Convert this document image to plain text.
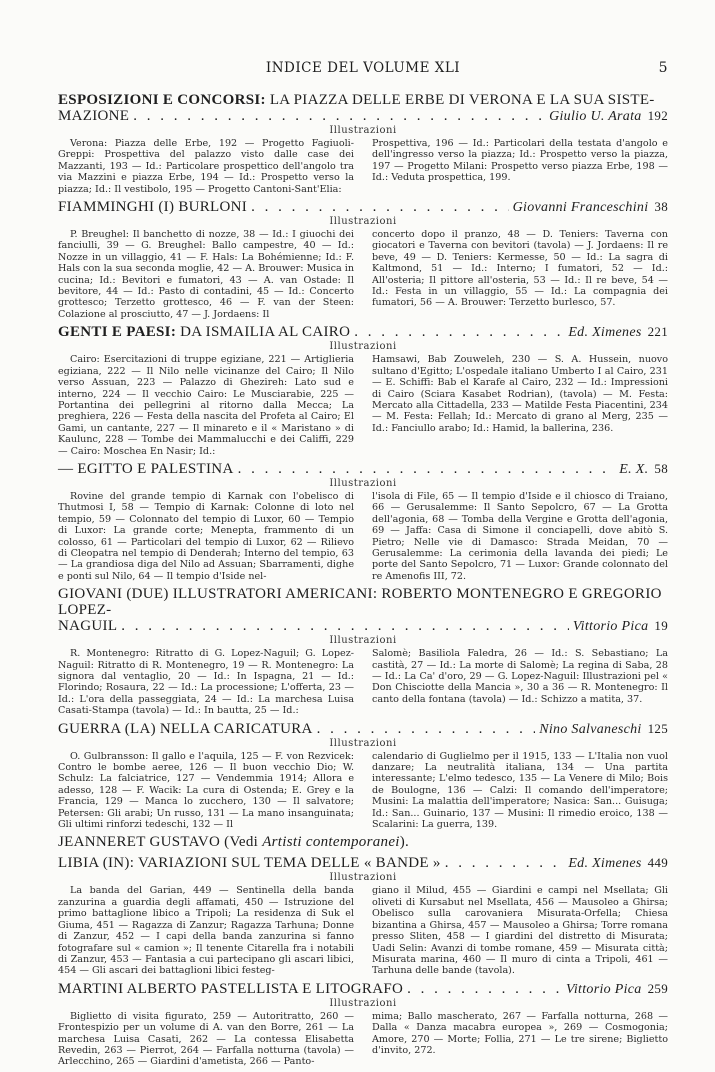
INDICE DEL VOLUME XLI	5
ESPOSIZIONI E CONCORSI: LA PIAZZA DELLE ERBE DI VERONA E LA SUA SISTE-
MAZIONE . . .	Giulio U. Arata 192
Illustrazioni
Verona: Piazza delle Erbe, 192 — Progetto Fagiuoli-Greppi: Prospettiva del palazzo visto dalle case dei Mazzanti, 193 — Id.: Particolare prospettico dell'angolo tra via Mazzini e piazza Erbe, 194 — Id.: Prospetto verso la piazza; Id.: Il vestibolo, 195 — Progetto Cantoni-Sant'Elia:
Prospettiva, 196 — Id.: Particolari della testata d'angolo e dell'ingresso verso la piazza; Id.: Prospetto verso la piazza, 197 — Progetto Milani: Prospetto verso piazza Erbe, 198 — Id.: Veduta prospettica, 199.
FIAMMINGHI (I) BURLONI . . .	Giovanni Franceschini 38
Illustrazioni
P. Breughel: Il banchetto di nozze, 38 — Id.: I giuochi dei fanciulli, 39 — G. Breughel: Ballo campestre, 40 — Id.: Nozze in un villaggio, 41 — F. Hals: La Bohémienne; Id.: F. Hals con la sua seconda moglie, 42 — A. Brouwer: Musica in cucina; Id.: Bevitori e fumatori, 43 — A. van Ostade: Il bevitore, 44 — Id.: Pasto di contadini, 45 — Id.: Concerto grottesco; Terzetto grottesco, 46 — F. van der Steen: Colazione al prosciutto, 47 — J. Jordaens: Il
concerto dopo il pranzo, 48 — D. Teniers: Taverna con giocatori e Taverna con bevitori (tavola) — J. Jordaens: Il re beve, 49 — D. Teniers: Kermesse, 50 — Id.: La sagra di Kaltmond, 51 — Id.: Interno; I fumatori, 52 — Id.: All'osteria; Il pittore all'osteria, 53 — Id.: Il re beve, 54 — Id.: Festa in un villaggio, 55 — Id.: La compagnia dei fumatori, 56 — A. Brouwer: Terzetto burlesco, 57.
GENTI E PAESI: DA ISMAILIA AL CAIRO . . .	Ed. Ximenes 221
Illustrazioni
Cairo: Esercitazioni di truppe egiziane, 221 — Artiglieria egiziana, 222 — Il Nilo nelle vicinanze del Cairo; Il Nilo verso Assuan, 223 — Palazzo di Ghezireh: Lato sud e interno, 224 — Il vecchio Cairo: Le Musciarabie, 225 — Portantina dei pellegrini al ritorno dalla Mecca; La preghiera, 226 — Festa della nascita del Profeta al Cairo; El Gami, un cantante, 227 — Il minareto e il « Maristano » di Kaulunc, 228 — Tombe dei Mammalucchi e dei Califfi, 229 — Cairo: Moschea En Nasir; Id.:
Hamsawi, Bab Zouweleh, 230 — S. A. Hussein, nuovo sultano d'Egitto; L'ospedale italiano Umberto I al Cairo, 231 — E. Schiffi: Bab el Karafe al Cairo, 232 — Id.: Impressioni di Cairo (Sciara Kasabet Rodrian), (tavola) — M. Festa: Mercato alla Cittadella, 233 — Matilde Festa Piacentini, 234 — M. Festa: Fellah; Id.: Mercato di grano al Merg, 235 — Id.: Fanciullo arabo; Id.: Hamid, la ballerina, 236.
— EGITTO E PALESTINA . . .	E. X. 58
Illustrazioni
Rovine del grande tempio di Karnak con l'obelisco di Thutmosi I, 58 — Tempio di Karnak: Colonne di loto nel tempio, 59 — Colonnato del tempio di Luxor, 60 — Tempio di Luxor: La grande corte; Menepta, frammento di un colosso, 61 — Particolari del tempio di Luxor, 62 — Rilievo di Cleopatra nel tempio di Denderah; Interno del tempio, 63 — La grandiosa diga del Nilo ad Assuan; Sbarramenti, dighe e ponti sul Nilo, 64 — Il tempio d'Iside nel-
l'isola di File, 65 — Il tempio d'Iside e il chiosco di Traiano, 66 — Gerusalemme: Il Santo Sepolcro, 67 — La Grotta dell'agonia, 68 — Tomba della Vergine e Grotta dell'agonia, 69 — Jaffa: Casa di Simone il conciapelli, dove abitò S. Pietro; Nelle vie di Damasco: Strada Meidan, 70 — Gerusalemme: La cerimonia della lavanda dei piedi; Le porte del Santo Sepolcro, 71 — Luxor: Grande colonnato del re Amenofis III, 72.
GIOVANI (DUE) ILLUSTRATORI AMERICANI: ROBERTO MONTENEGRO E GREGORIO LOPEZ-
NAGUIL . . .	Vittorio Pica 19
Illustrazioni
R. Montenegro: Ritratto di G. Lopez-Naguil; G. Lopez-Naguil: Ritratto di R. Montenegro, 19 — R. Montenegro: La signora dal ventaglio, 20 — Id.: In Ispagna, 21 — Id.: Florindo; Rosaura, 22 — Id.: La processione; L'offerta, 23 — Id.: L'ora della passeggiata, 24 — Id.: La marchesa Luisa Casati-Stampa (tavola) — Id.: In bautta, 25 — Id.:
Salomè; Basiliola Faledra, 26 — Id.: S. Sebastiano; La castità, 27 — Id.: La morte di Salomè; La regina di Saba, 28 — Id.: La Ca' d'oro, 29 — G. Lopez-Naguil: Illustrazioni pel « Don Chisciotte della Mancia », 30 a 36 — R. Montenegro: Il canto della fontana (tavola) — Id.: Schizzo a matita, 37.
GUERRA (LA) NELLA CARICATURA . . .	Nino Salvaneschi 125
Illustrazioni
O. Gulbransson: Il gallo e l'aquila, 125 — F. von Rezvicek: Contro le bombe aeree, 126 — Il buon vecchio Dio; W. Schulz: La falciatrice, 127 — Vendemmia 1914; Allora e adesso, 128 — F. Wacik: La cura di Ostenda; E. Grey e la Francia, 129 — Manca lo zucchero, 130 — Il salvatore; Petersen: Gli arabi; Un russo, 131 — La mano insanguinata; Gli ultimi rinforzi tedeschi, 132 — Il
calendario di Guglielmo per il 1915, 133 — L'Italia non vuol danzare; La neutralità italiana, 134 — Una partita interessante; L'elmo tedesco, 135 — La Venere di Milo; Bois de Boulogne, 136 — Calzi: Il comando dell'imperatore; Musini: La malattia dell'imperatore; Nasica: San... Guisuga; Id.: San... Guinario, 137 — Musini: Il rimedio eroico, 138 — Scalarini: La guerra, 139.
JEANNERET GUSTAVO (Vedi Artisti contemporanei).
LIBIA (IN): VARIAZIONI SUL TEMA DELLE « BANDE » . . .	Ed. Ximenes 449
Illustrazioni
La banda del Garian, 449 — Sentinella della banda zanzurina a guardia degli affamati, 450 — Istruzione del primo battaglione libico a Tripoli; La residenza di Suk el Giuma, 451 — Ragazza di Zanzur; Ragazza Tarhuna; Donne di Zanzur, 452 — I capi della banda zanzurina si fanno fotografare sul « camion »; Il tenente Citarella fra i notabili di Zanzur, 453 — Fantasia a cui partecipano gli ascari libici, 454 — Gli ascari dei battaglioni libici festeg-
giano il Milud, 455 — Giardini e campi nel Msellata; Gli oliveti di Kursabut nel Msellata, 456 — Mausoleo a Ghirsa; Obelisco sulla carovaniera Misurata-Orfella; Chiesa bizantina a Ghirsa, 457 — Mausoleo a Ghirsa; Torre romana presso Sliten, 458 — I giardini del distretto di Misurata; Uadi Selin: Avanzi di tombe romane, 459 — Misurata città; Misurata marina, 460 — Il muro di cinta a Tripoli, 461 — Tarhuna delle bande (tavola).
MARTINI ALBERTO PASTELLISTA E LITOGRAFO . . .	Vittorio Pica 259
Illustrazioni
Biglietto di visita figurato, 259 — Autoritratto, 260 — Frontespizio per un volume di A. van den Borre, 261 — La marchesa Luisa Casati, 262 — La contessa Elisabetta Revedin, 263 — Pierrot, 264 — Farfalla notturna (tavola) — Arlecchino, 265 — Giardini d'ametista, 266 — Panto-
mima; Ballo mascherato, 267 — Farfalla notturna, 268 — Dalla « Danza macabra europea », 269 — Cosmogonia; Amore, 270 — Morte; Follia, 271 — Le tre sirene; Biglietto d'invito, 272.
